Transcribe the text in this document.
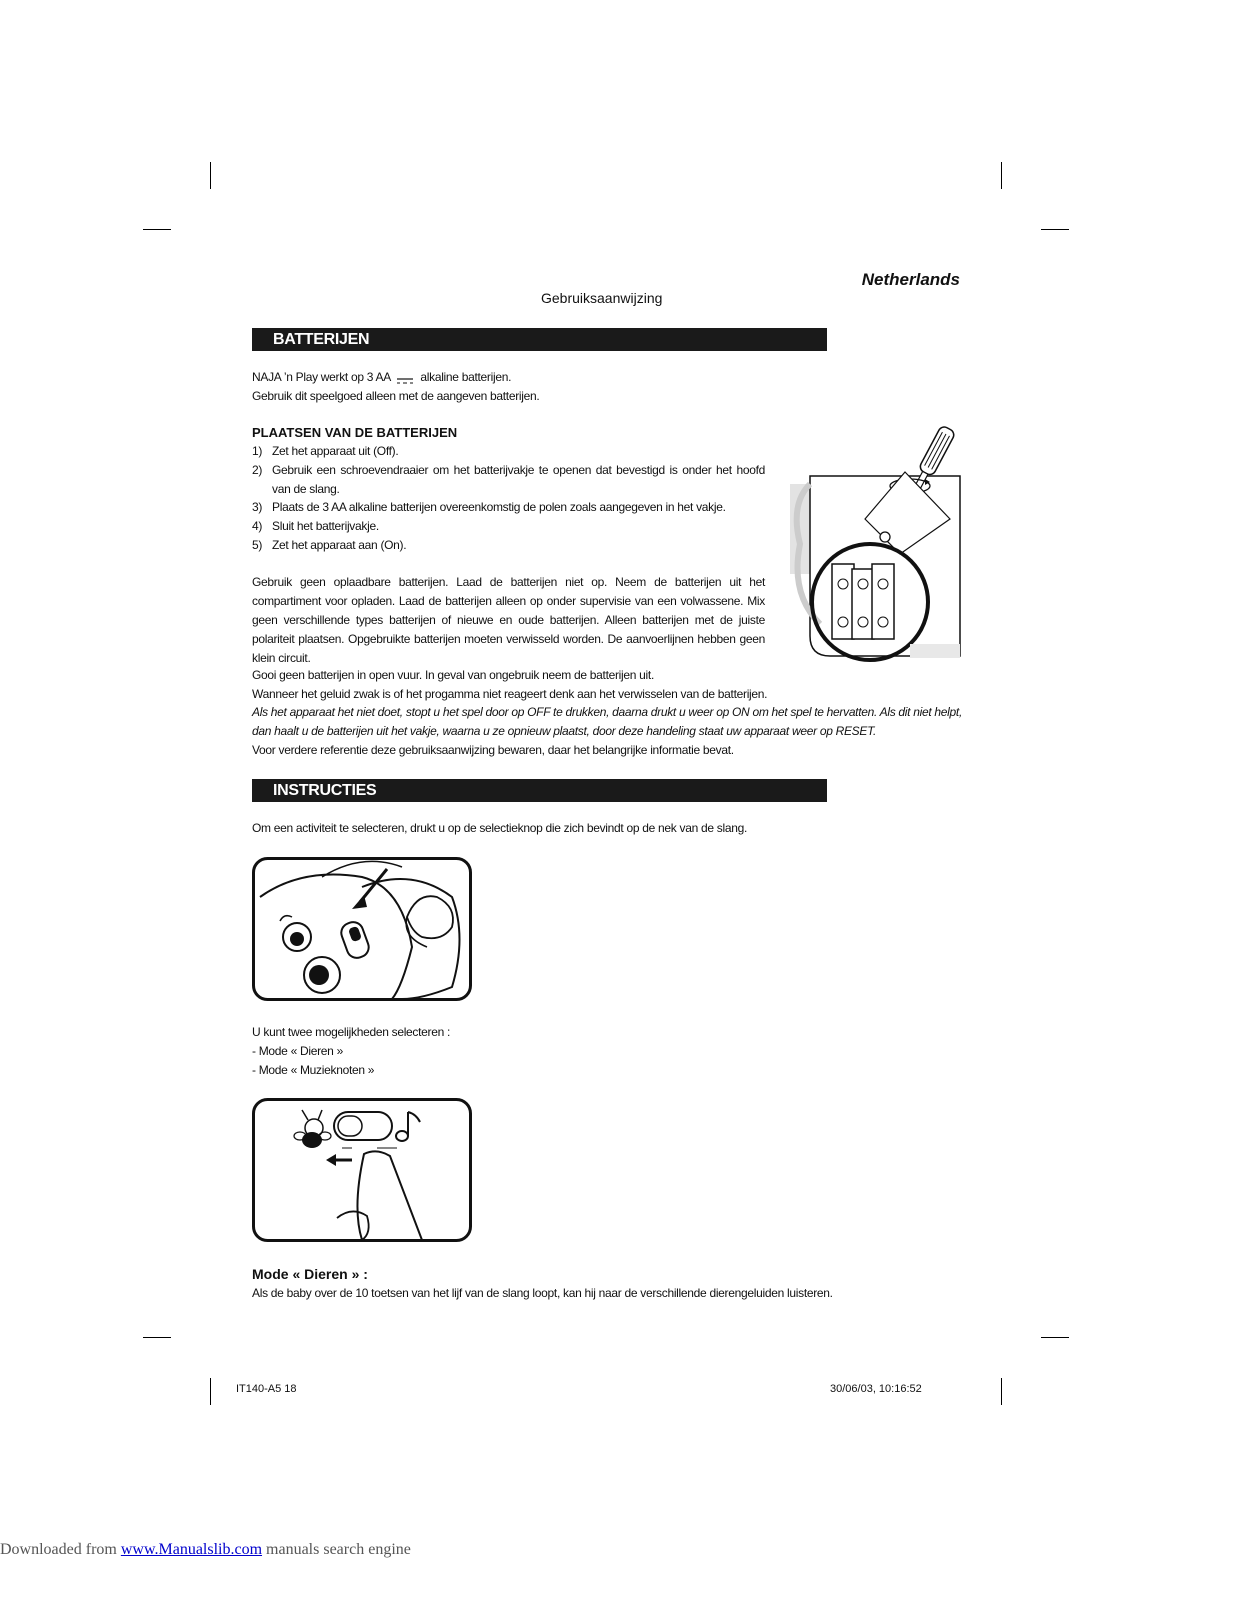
Netherlands
Gebruiksaanwijzing
BATTERIJEN
NAJA ’n Play werkt op 3 AA	alkaline batterijen.
Gebruik dit speelgoed alleen met de aangeven batterijen.
PLAATSEN VAN DE BATTERIJEN
1) Zet het apparaat uit (Off).
2) Gebruik een schroevendraaier om het batterijvakje te openen dat bevestigd is onder het hoofd van de slang.
3) Plaats de 3 AA alkaline batterijen overeenkomstig de polen zoals aangegeven in het vakje.
4) Sluit het batterijvakje.
5) Zet het apparaat aan (On).
Gebruik geen oplaadbare batterijen. Laad de batterijen niet op. Neem de batterijen uit het compartiment voor opladen. Laad de batterijen alleen op onder supervisie van een volwassene. Mix geen verschillende types batterijen of nieuwe en oude batterijen. Alleen batterijen met de juiste polariteit plaatsen. Opgebruikte batterijen moeten verwisseld worden. De aanvoerlijnen hebben geen klein circuit.
Gooi geen batterijen in open vuur. In geval van ongebruik neem de batterijen uit.
Wanneer het geluid zwak is of het progamma niet reageert denk aan het verwisselen van de batterijen.
Als het apparaat het niet doet, stopt u het spel door op OFF te drukken, daarna drukt u weer op ON om het spel te hervatten. Als dit niet helpt, dan haalt u de batterijen uit het vakje, waarna u ze opnieuw plaatst, door deze handeling staat uw apparaat weer op RESET.
Voor verdere referentie deze gebruiksaanwijzing bewaren, daar het belangrijke informatie bevat.
INSTRUCTIES
Om een activiteit te selecteren, drukt u op de selectieknop die zich bevindt op de nek van de slang.
U kunt twee mogelijkheden selecteren :
- Mode « Dieren »
- Mode « Muzieknoten »
Mode « Dieren » :
Als de baby over de 10 toetsen van het lijf van de slang loopt, kan hij naar de verschillende dierengeluiden luisteren.
IT140-A5 18	30/06/03, 10:16:52
Downloaded from www.Manualslib.com manuals search engine
